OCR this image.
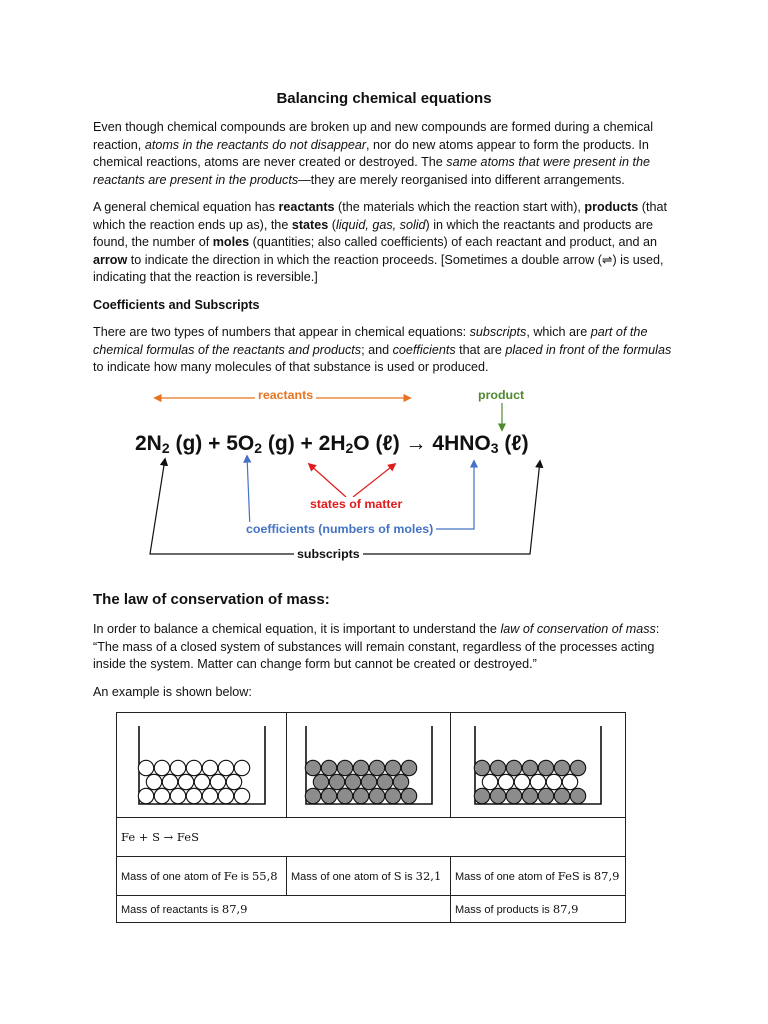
Balancing chemical equations
Even though chemical compounds are broken up and new compounds are formed during a chemical reaction, atoms in the reactants do not disappear, nor do new atoms appear to form the products. In chemical reactions, atoms are never created or destroyed. The same atoms that were present in the reactants are present in the products—they are merely reorganised into different arrangements.
A general chemical equation has reactants (the materials which the reaction start with), products (that which the reaction ends up as), the states (liquid, gas, solid) in which the reactants and products are found, the number of moles (quantities; also called coefficients) of each reactant and product, and an arrow to indicate the direction in which the reaction proceeds. [Sometimes a double arrow (⇌) is used, indicating that the reaction is reversible.]
Coefficients and Subscripts
There are two types of numbers that appear in chemical equations: subscripts, which are part of the chemical formulas of the reactants and products; and coefficients that are placed in front of the formulas to indicate how many molecules of that substance is used or produced.
reactants	product
$2N_2$ $(g) + 5O_2$ $(g) + 2H_2O$ (ℓ) → $4HNO_3$ (ℓ)
states of matter
coefficients (numbers of moles)
subscripts
The law of conservation of mass:
In order to balance a chemical equation, it is important to understand the law of conservation of mass: “The mass of a closed system of substances will remain constant, regardless of the processes acting inside the system. Matter can change form but cannot be created or destroyed.”
An example is shown below:

Fe + S → FeS		
Mass of one atom of Fe is 55,8	Mass of one atom of S is 32,1	Mass of one atom of FeS is 87,9
Mass of reactants is 87,9		Mass of products is 87,9
